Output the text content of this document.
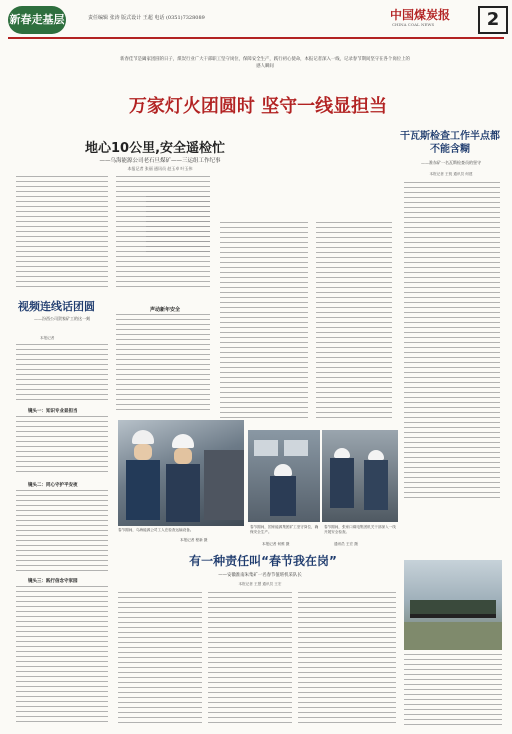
新春走基层	责任编辑 张涛 版式设计 王超 电话 (0351)7328089	中国煤炭报
CHINA COAL NEWS	2
新春佳节是阖家团圆的日子，煤炭行业广大干部职工坚守岗位，保障安全生产，践行初心使命，本报记者深入一线，记录春节期间坚守在各个岗位上的感人瞬间
万家灯火团圆时 坚守一线显担当
地心10公里,安全遥检忙
——乌海能源公司老石旦煤矿——三运组工作纪事
本报记者 张丽 通讯员 赵玉卓 叶玉伟
声动新年安全
干瓦斯检查工作半点都不能含糊
——准东矿一名瓦斯检查员的坚守
本报记者 王锐 通讯员 何建
视频连线话团圆
——汾西公司贺家矿工的这一刻
本报记者
镜头一：知识专业显担当
镜头二：同心守护平安夜
镜头三：践行信念守家园
春节期间，乌海能源公司工人在检查运输设备。
本报记者 程新 摄
春节期间，国家能源集团矿工坚守岗位，确保安全生产。
本报记者 何维 摄
春节期间，张家口煤电集团机关干部深入一线开展安全检查。
通讯员 王宏 摄
有一种责任叫“春节我在岗”
——安徽淮南朱集矿一名春节值班机采队长
本报记者 王慧 通讯员 王宏
